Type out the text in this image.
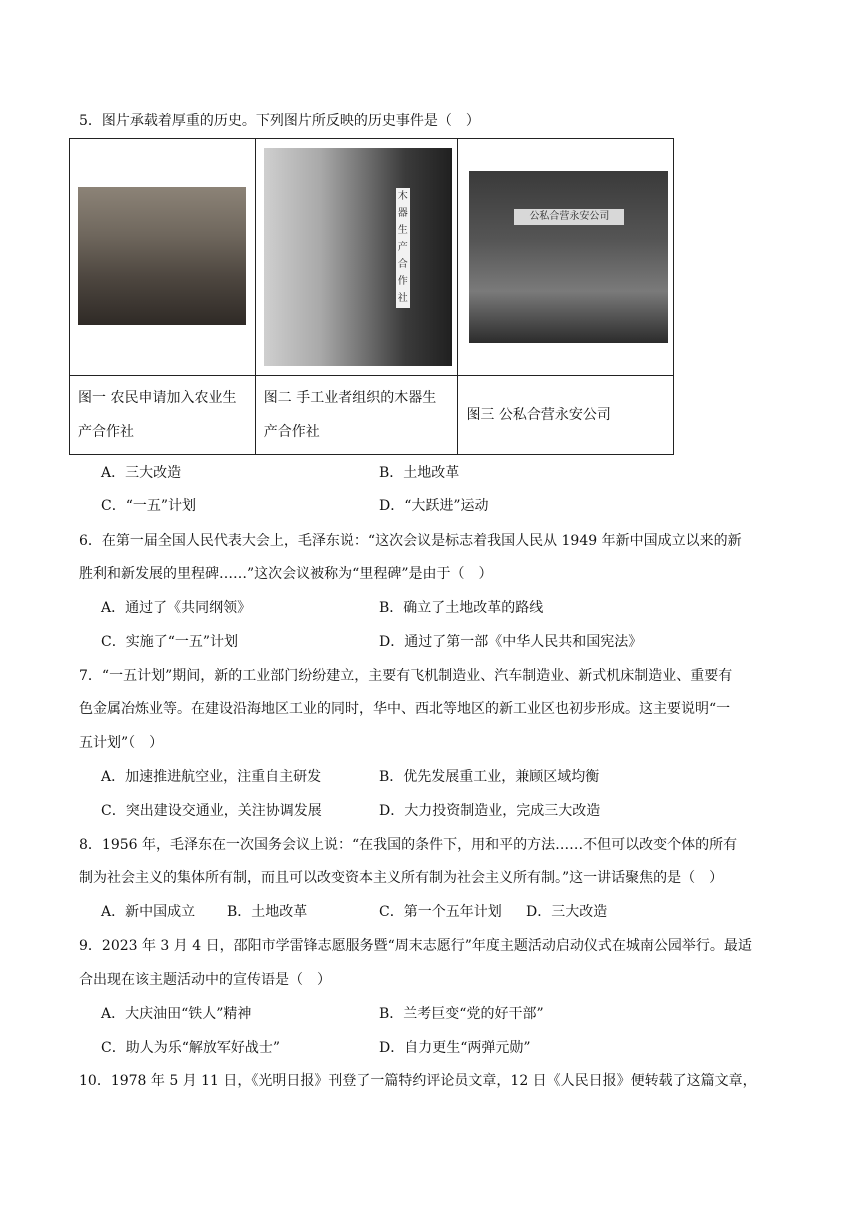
5．图片承载着厚重的历史。下列图片所反映的历史事件是（　）

	木器生产合作社	公私合营永安公司

图一 农民申请加入农业生产合作社	图二 手工业者组织的木器生产合作社	图三 公私合营永安公司
A．三大改造	B．土地改革
C．“一五”计划	D．“大跃进”运动
6．在第一届全国人民代表大会上，毛泽东说：“这次会议是标志着我国人民从 1949 年新中国成立以来的新
胜利和新发展的里程碑……”这次会议被称为“里程碑”是由于（　）
A．通过了《共同纲领》	B．确立了土地改革的路线
C．实施了“一五”计划	D．通过了第一部《中华人民共和国宪法》
7．“一五计划”期间，新的工业部门纷纷建立，主要有飞机制造业、汽车制造业、新式机床制造业、重要有
色金属冶炼业等。在建设沿海地区工业的同时，华中、西北等地区的新工业区也初步形成。这主要说明“一
五计划”（　）
A．加速推进航空业，注重自主研发	B．优先发展重工业，兼顾区域均衡
C．突出建设交通业，关注协调发展	D．大力投资制造业，完成三大改造
8．1956 年，毛泽东在一次国务会议上说：“在我国的条件下，用和平的方法……不但可以改变个体的所有
制为社会主义的集体所有制，而且可以改变资本主义所有制为社会主义所有制。”这一讲话聚焦的是（　）
A．新中国成立 B．土地改革	C．第一个五年计划 D．三大改造
9．2023 年 3 月 4 日，邵阳市学雷锋志愿服务暨“周末志愿行”年度主题活动启动仪式在城南公园举行。最适
合出现在该主题活动中的宣传语是（　）
A．大庆油田“铁人”精神	B．兰考巨变“党的好干部”
C．助人为乐“解放军好战士”	D．自力更生“两弹元勋”
10．1978 年 5 月 11 日，《光明日报》刊登了一篇特约评论员文章，12 日《人民日报》便转载了这篇文章，
